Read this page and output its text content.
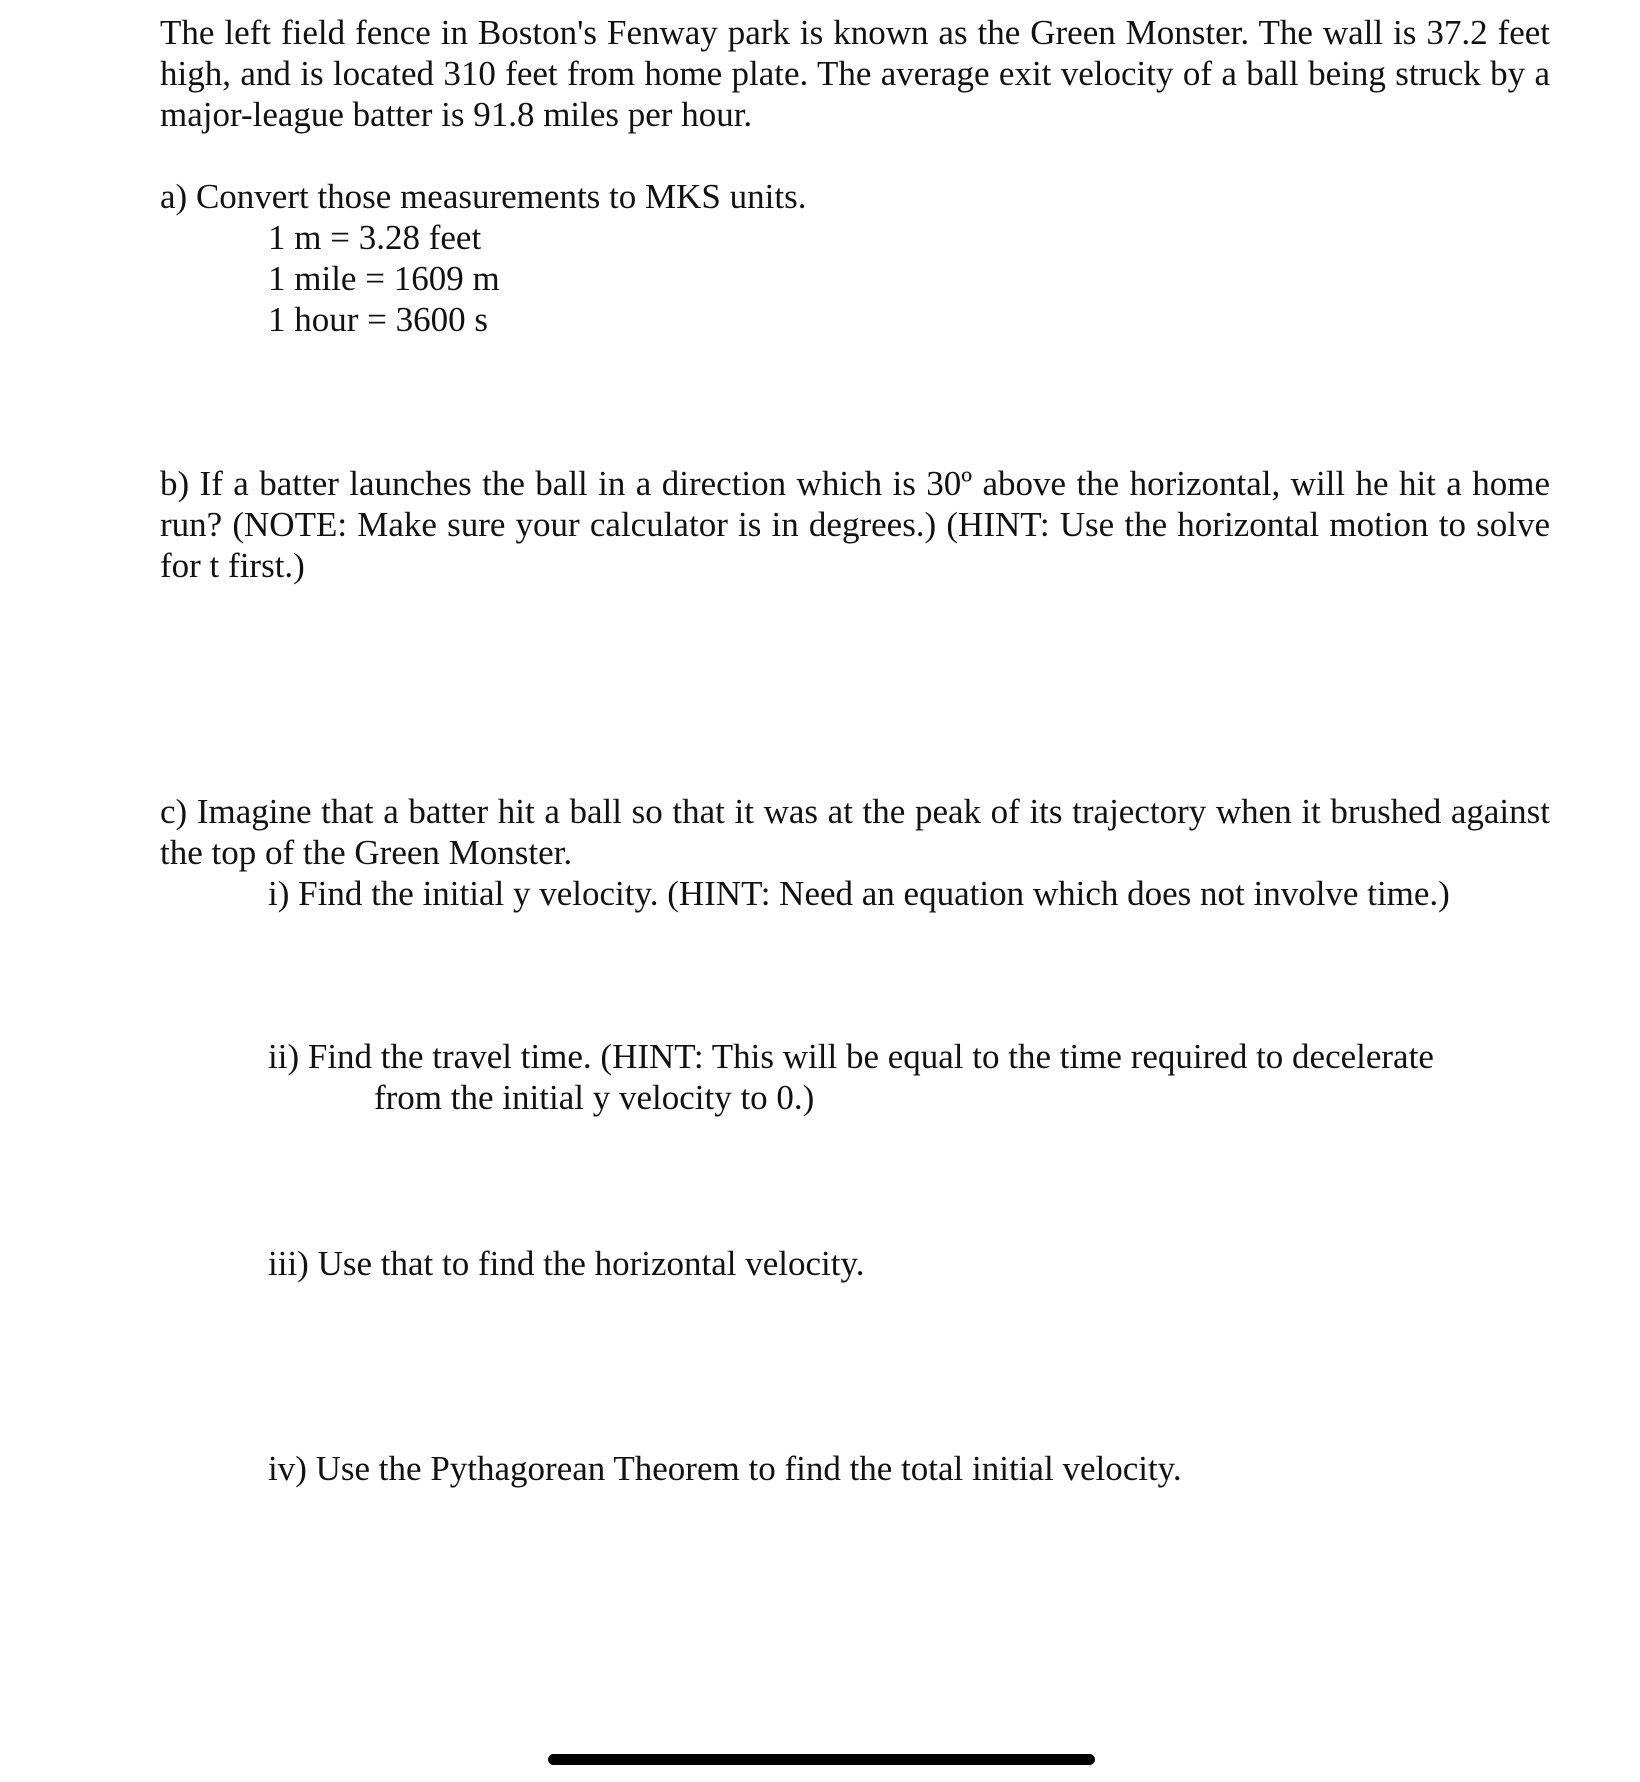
The left field fence in Boston's Fenway park is known as the Green Monster. The wall is 37.2 feet high, and is located 310 feet from home plate. The average exit velocity of a ball being struck by a major-league batter is 91.8 miles per hour.

a) Convert those measurements to MKS units.

1 m = 3.28 feet

1 mile = 1609 m

1 hour = 3600 s

b) If a batter launches the ball in a direction which is 30º above the horizontal, will he hit a home run? (NOTE: Make sure your calculator is in degrees.) (HINT: Use the horizontal motion to solve for t first.)

c) Imagine that a batter hit a ball so that it was at the peak of its trajectory when it brushed against the top of the Green Monster.

i) Find the initial y velocity. (HINT: Need an equation which does not involve time.)

ii) Find the travel time. (HINT: This will be equal to the time required to decelerate

from the initial y velocity to 0.)

iii) Use that to find the horizontal velocity.

iv) Use the Pythagorean Theorem to find the total initial velocity.
